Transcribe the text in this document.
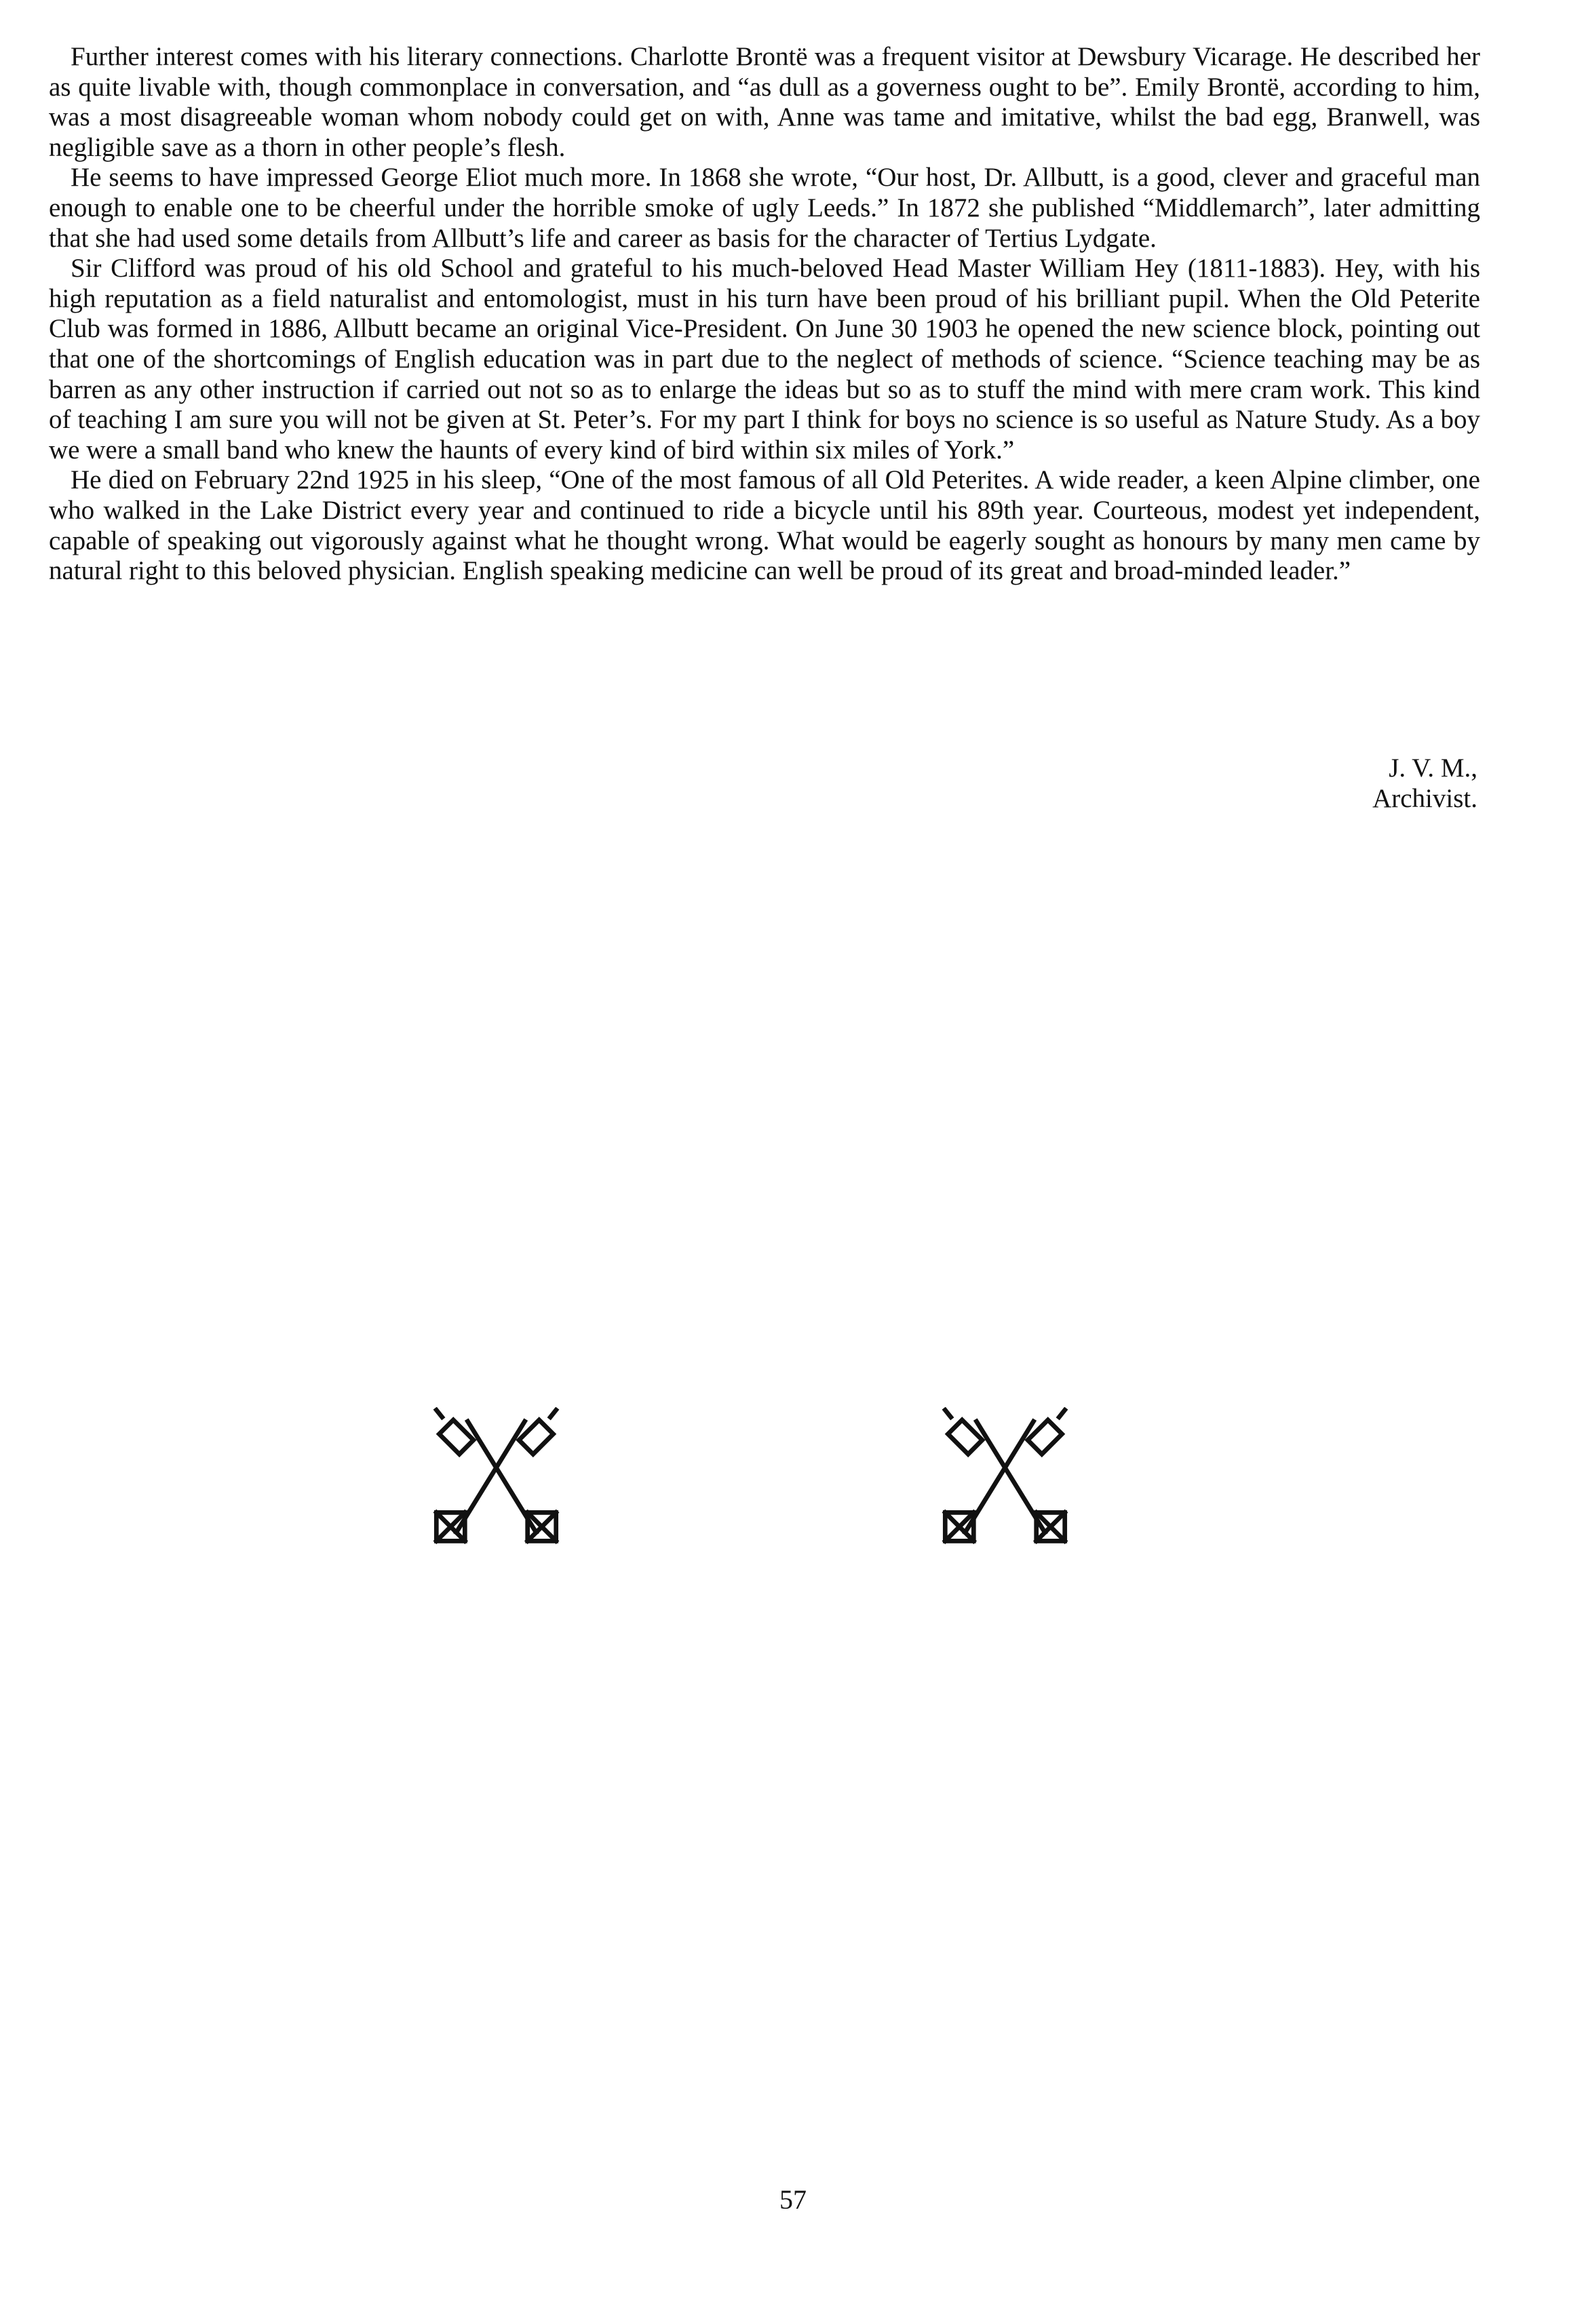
Further interest comes with his literary connections. Charlotte Brontë was a frequent visitor at Dewsbury Vicarage. He described her as quite livable with, though commonplace in conversation, and “as dull as a governess ought to be”. Emily Brontë, according to him, was a most disagreeable woman whom nobody could get on with, Anne was tame and imitative, whilst the bad egg, Branwell, was negligible save as a thorn in other people’s flesh.

He seems to have impressed George Eliot much more. In 1868 she wrote, “Our host, Dr. Allbutt, is a good, clever and graceful man enough to enable one to be cheerful under the horrible smoke of ugly Leeds.” In 1872 she published “Middlemarch”, later admitting that she had used some details from Allbutt’s life and career as basis for the character of Tertius Lydgate.

Sir Clifford was proud of his old School and grateful to his much-beloved Head Master William Hey (1811-1883). Hey, with his high reputation as a field naturalist and entomologist, must in his turn have been proud of his brilliant pupil. When the Old Peterite Club was formed in 1886, Allbutt became an original Vice-President. On June 30 1903 he opened the new science block, pointing out that one of the shortcomings of English education was in part due to the neglect of methods of science. “Science teaching may be as barren as any other instruction if carried out not so as to enlarge the ideas but so as to stuff the mind with mere cram work. This kind of teaching I am sure you will not be given at St. Peter’s. For my part I think for boys no science is so useful as Nature Study. As a boy we were a small band who knew the haunts of every kind of bird within six miles of York.”

He died on February 22nd 1925 in his sleep, “One of the most famous of all Old Peterites. A wide reader, a keen Alpine climber, one who walked in the Lake District every year and continued to ride a bicycle until his 89th year. Courteous, modest yet independent, capable of speaking out vigorously against what he thought wrong. What would be eagerly sought as honours by many men came by natural right to this beloved physician. English speaking medicine can well be proud of its great and broad-minded leader.”

J. V. M.,
Archivist.
57
